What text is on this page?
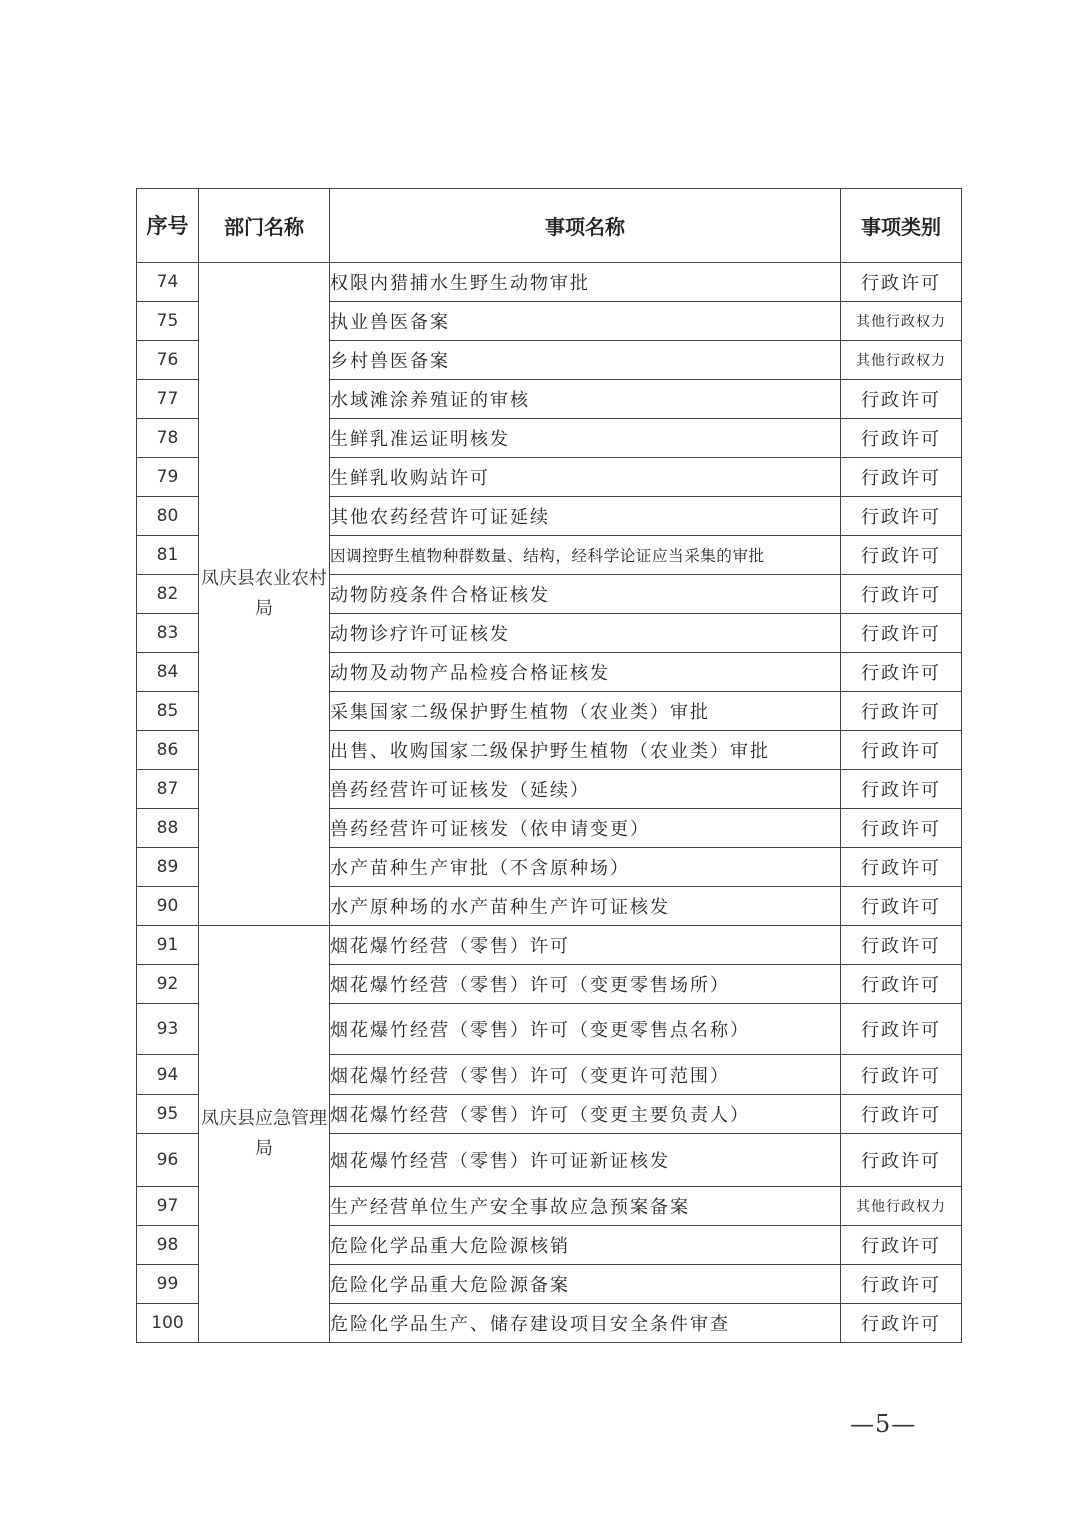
序号	部门名称	事项名称	事项类别
74	凤庆县农业农村局	权限内猎捕水生野生动物审批	行政许可
75		执业兽医备案	其他行政权力
76		乡村兽医备案	其他行政权力
77		水域滩涂养殖证的审核	行政许可
78		生鲜乳准运证明核发	行政许可
79		生鲜乳收购站许可	行政许可
80		其他农药经营许可证延续	行政许可
81		因调控野生植物种群数量、结构，经科学论证应当采集的审批	行政许可
82		动物防疫条件合格证核发	行政许可
83		动物诊疗许可证核发	行政许可
84		动物及动物产品检疫合格证核发	行政许可
85		采集国家二级保护野生植物（农业类）审批	行政许可
86		出售、收购国家二级保护野生植物（农业类）审批	行政许可
87		兽药经营许可证核发（延续）	行政许可
88		兽药经营许可证核发（依申请变更）	行政许可
89		水产苗种生产审批（不含原种场）	行政许可
90		水产原种场的水产苗种生产许可证核发	行政许可
91	凤庆县应急管理局	烟花爆竹经营（零售）许可	行政许可
92		烟花爆竹经营（零售）许可（变更零售场所）	行政许可
93		烟花爆竹经营（零售）许可（变更零售点名称）	行政许可
94		烟花爆竹经营（零售）许可（变更许可范围）	行政许可
95		烟花爆竹经营（零售）许可（变更主要负责人）	行政许可
96		烟花爆竹经营（零售）许可证新证核发	行政许可
97		生产经营单位生产安全事故应急预案备案	其他行政权力
98		危险化学品重大危险源核销	行政许可
99		危险化学品重大危险源备案	行政许可
100		危险化学品生产、储存建设项目安全条件审查	行政许可
—5—
